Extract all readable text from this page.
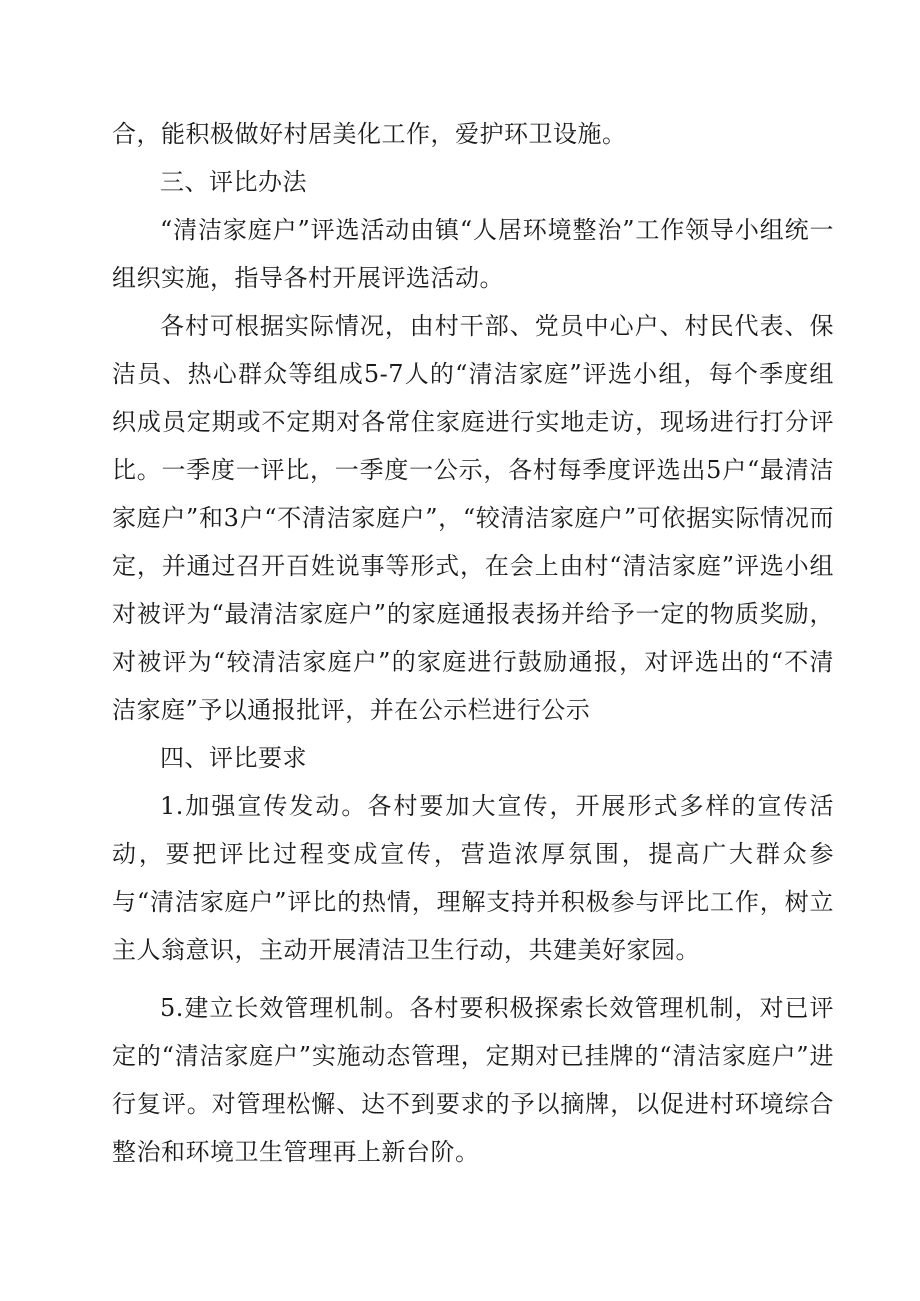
合，能积极做好村居美化工作，爱护环卫设施。

三、评比办法

“清洁家庭户”评选活动由镇“人居环境整治”工作领导小组统一组织实施，指导各村开展评选活动。

各村可根据实际情况，由村干部、党员中心户、村民代表、保洁员、热心群众等组成5-7人的“清洁家庭”评选小组，每个季度组织成员定期或不定期对各常住家庭进行实地走访，现场进行打分评比。一季度一评比，一季度一公示，各村每季度评选出5户“最清洁家庭户”和3户“不清洁家庭户”，“较清洁家庭户”可依据实际情况而定，并通过召开百姓说事等形式，在会上由村“清洁家庭”评选小组对被评为“最清洁家庭户”的家庭通报表扬并给予一定的物质奖励，对被评为“较清洁家庭户”的家庭进行鼓励通报，对评选出的“不清洁家庭”予以通报批评，并在公示栏进行公示

四、评比要求

1.加强宣传发动。各村要加大宣传，开展形式多样的宣传活动，要把评比过程变成宣传，营造浓厚氛围，提高广大群众参与“清洁家庭户”评比的热情，理解支持并积极参与评比工作，树立主人翁意识，主动开展清洁卫生行动，共建美好家园。

5.建立长效管理机制。各村要积极探索长效管理机制，对已评定的“清洁家庭户”实施动态管理，定期对已挂牌的“清洁家庭户”进行复评。对管理松懈、达不到要求的予以摘牌，以促进村环境综合整治和环境卫生管理再上新台阶。
